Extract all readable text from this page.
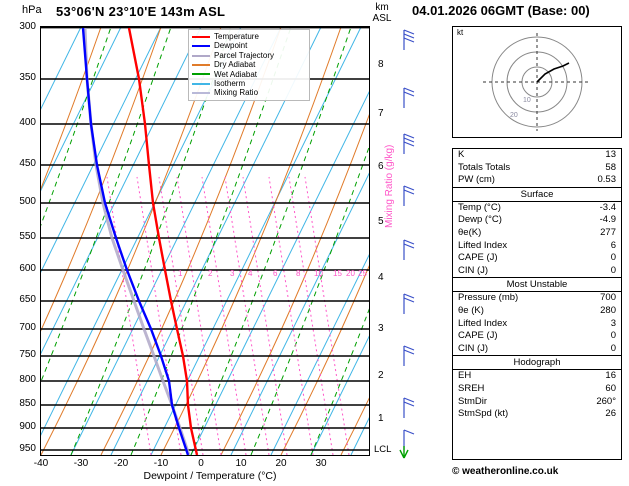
hPa 53°06'N 23°10'E 143m ASL	km
ASL
04.01.2026 06GMT (Base: 00)
1	2 3 4	6 8 10 15 20 25
Temperature
Dewpoint
Parcel Trajectory
Dry Adiabat
Wet Adiabat
Isotherm
Mixing Ratio
300
350
400
450
500
550
600
650
700
750
800
850
900
950
-40	-30	-20	-10	0	10	20	30
Dewpoint / Temperature (°C)
8
7
6
5
4
3
2
1
Mixing Ratio (g/kg)
LCL
10
20
kt
K	13
Totals Totals	58
PW (cm)	0.53
Surface
Temp (°C)	-3.4
Dewp (°C)	-4.9
θe(K)	277
Lifted Index	6
CAPE (J)	0
CIN (J)	0
Most Unstable
Pressure (mb)	700
θe (K)	280
Lifted Index	3
CAPE (J)	0
CIN (J)	0
Hodograph
EH	16
SREH	60
StmDir	260°
StmSpd (kt)	26
© weatheronline.co.uk
